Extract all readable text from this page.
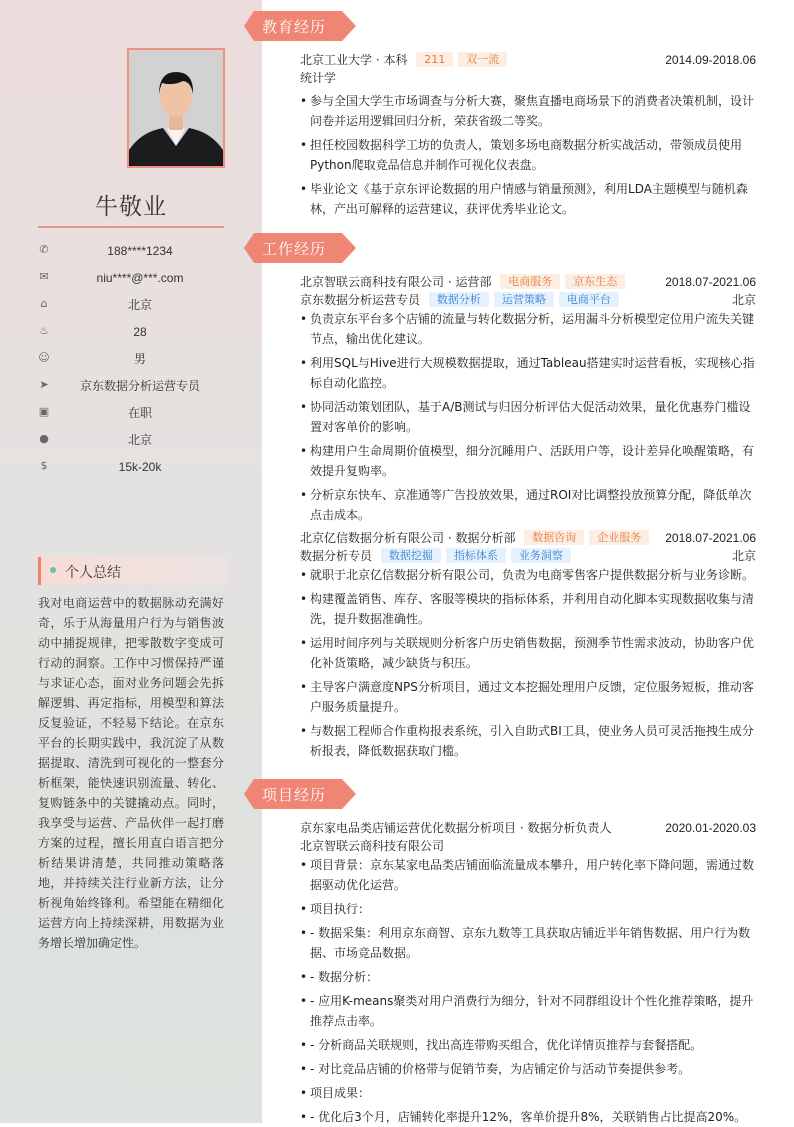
牛敬业
✆	188****1234
✉	niu****@***.com
⌂	北京
♨	28
☺	男
➤	京东数据分析运营专员
▣	在职
●	北京
$	15k-20k
个人总结
我对电商运营中的数据脉动充满好奇，乐于从海量用户行为与销售波动中捕捉规律，把零散数字变成可行动的洞察。工作中习惯保持严谨与求证心态，面对业务问题会先拆解逻辑、再定指标，用模型和算法反复验证，不轻易下结论。在京东平台的长期实践中，我沉淀了从数据提取、清洗到可视化的一整套分析框架，能快速识别流量、转化、复购链条中的关键撬动点。同时，我享受与运营、产品伙伴一起打磨方案的过程，擅长用直白语言把分析结果讲清楚，共同推动策略落地，并持续关注行业新方法，让分析视角始终锋利。希望能在精细化运营方向上持续深耕，用数据为业务增长增加确定性。
教育经历
北京工业大学 · 本科 211 双一流	2014.09-2018.06
统计学
• 参与全国大学生市场调查与分析大赛，聚焦直播电商场景下的消费者决策机制，设计问卷并运用逻辑回归分析，荣获省级二等奖。
• 担任校园数据科学工坊的负责人，策划多场电商数据分析实战活动，带领成员使用Python爬取竞品信息并制作可视化仪表盘。
• 毕业论文《基于京东评论数据的用户情感与销量预测》，利用LDA主题模型与随机森林，产出可解释的运营建议，获评优秀毕业论文。
工作经历
北京智联云商科技有限公司 · 运营部 电商服务 京东生态	2018.07-2021.06
京东数据分析运营专员 数据分析 运营策略 电商平台	北京
• 负责京东平台多个店铺的流量与转化数据分析，运用漏斗分析模型定位用户流失关键节点，输出优化建议。
• 利用SQL与Hive进行大规模数据提取，通过Tableau搭建实时运营看板，实现核心指标自动化监控。
• 协同活动策划团队，基于A/B测试与归因分析评估大促活动效果，量化优惠券门槛设置对客单价的影响。
• 构建用户生命周期价值模型，细分沉睡用户、活跃用户等，设计差异化唤醒策略，有效提升复购率。
• 分析京东快车、京准通等广告投放效果，通过ROI对比调整投放预算分配，降低单次点击成本。
北京亿信数据分析有限公司 · 数据分析部 数据咨询 企业服务 2018.07-2021.06
数据分析专员 数据挖掘 指标体系 业务洞察	北京
• 就职于北京亿信数据分析有限公司，负责为电商零售客户提供数据分析与业务诊断。
• 构建覆盖销售、库存、客服等模块的指标体系，并利用自动化脚本实现数据收集与清洗，提升数据准确性。
• 运用时间序列与关联规则分析客户历史销售数据，预测季节性需求波动，协助客户优化补货策略，减少缺货与积压。
• 主导客户满意度NPS分析项目，通过文本挖掘处理用户反馈，定位服务短板，推动客户服务质量提升。
• 与数据工程师合作重构报表系统，引入自助式BI工具，使业务人员可灵活拖拽生成分析报表，降低数据获取门槛。
项目经历
京东家电品类店铺运营优化数据分析项目 · 数据分析负责人	2020.01-2020.03
北京智联云商科技有限公司
• 项目背景：京东某家电品类店铺面临流量成本攀升，用户转化率下降问题，需通过数据驱动优化运营。
• 项目执行：
• - 数据采集：利用京东商智、京东九数等工具获取店铺近半年销售数据、用户行为数据、市场竞品数据。
• - 数据分析：
• - 应用K-means聚类对用户消费行为细分，针对不同群组设计个性化推荐策略，提升推荐点击率。
• - 分析商品关联规则，找出高连带购买组合，优化详情页推荐与套餐搭配。
• - 对比竞品店铺的价格带与促销节奏，为店铺定价与活动节奏提供参考。
• 项目成果：
• - 优化后3个月，店铺转化率提升12%，客单价提升8%，关联销售占比提高20%。
